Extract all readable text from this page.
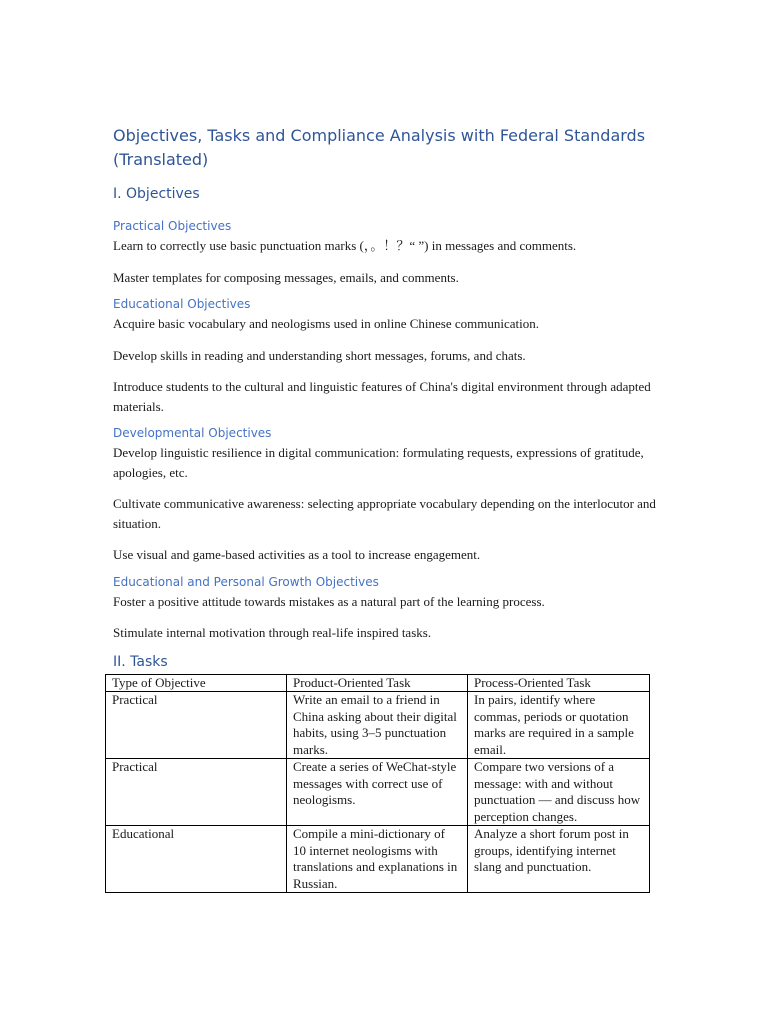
Objectives, Tasks and Compliance Analysis with Federal Standards (Translated)
I. Objectives
Practical Objectives

Learn to correctly use basic punctuation marks (，。！？“ ”) in messages and comments.

Master templates for composing messages, emails, and comments.

Educational Objectives

Acquire basic vocabulary and neologisms used in online Chinese communication.

Develop skills in reading and understanding short messages, forums, and chats.

Introduce students to the cultural and linguistic features of China's digital environment through adapted materials.

Developmental Objectives

Develop linguistic resilience in digital communication: formulating requests, expressions of gratitude, apologies, etc.

Cultivate communicative awareness: selecting appropriate vocabulary depending on the interlocutor and situation.

Use visual and game-based activities as a tool to increase engagement.

Educational and Personal Growth Objectives

Foster a positive attitude towards mistakes as a natural part of the learning process.

Stimulate internal motivation through real-life inspired tasks.

II. Tasks
Type of Objective	Product-Oriented Task	Process-Oriented Task
Practical	Write an email to a friend in China asking about their digital habits, using 3–5 punctuation marks.	In pairs, identify where commas, periods or quotation marks are required in a sample email.
Practical	Create a series of WeChat-style messages with correct use of neologisms.	Compare two versions of a message: with and without punctuation — and discuss how perception changes.
Educational	Compile a mini-dictionary of 10 internet neologisms with translations and explanations in Russian.	Analyze a short forum post in groups, identifying internet slang and punctuation.
